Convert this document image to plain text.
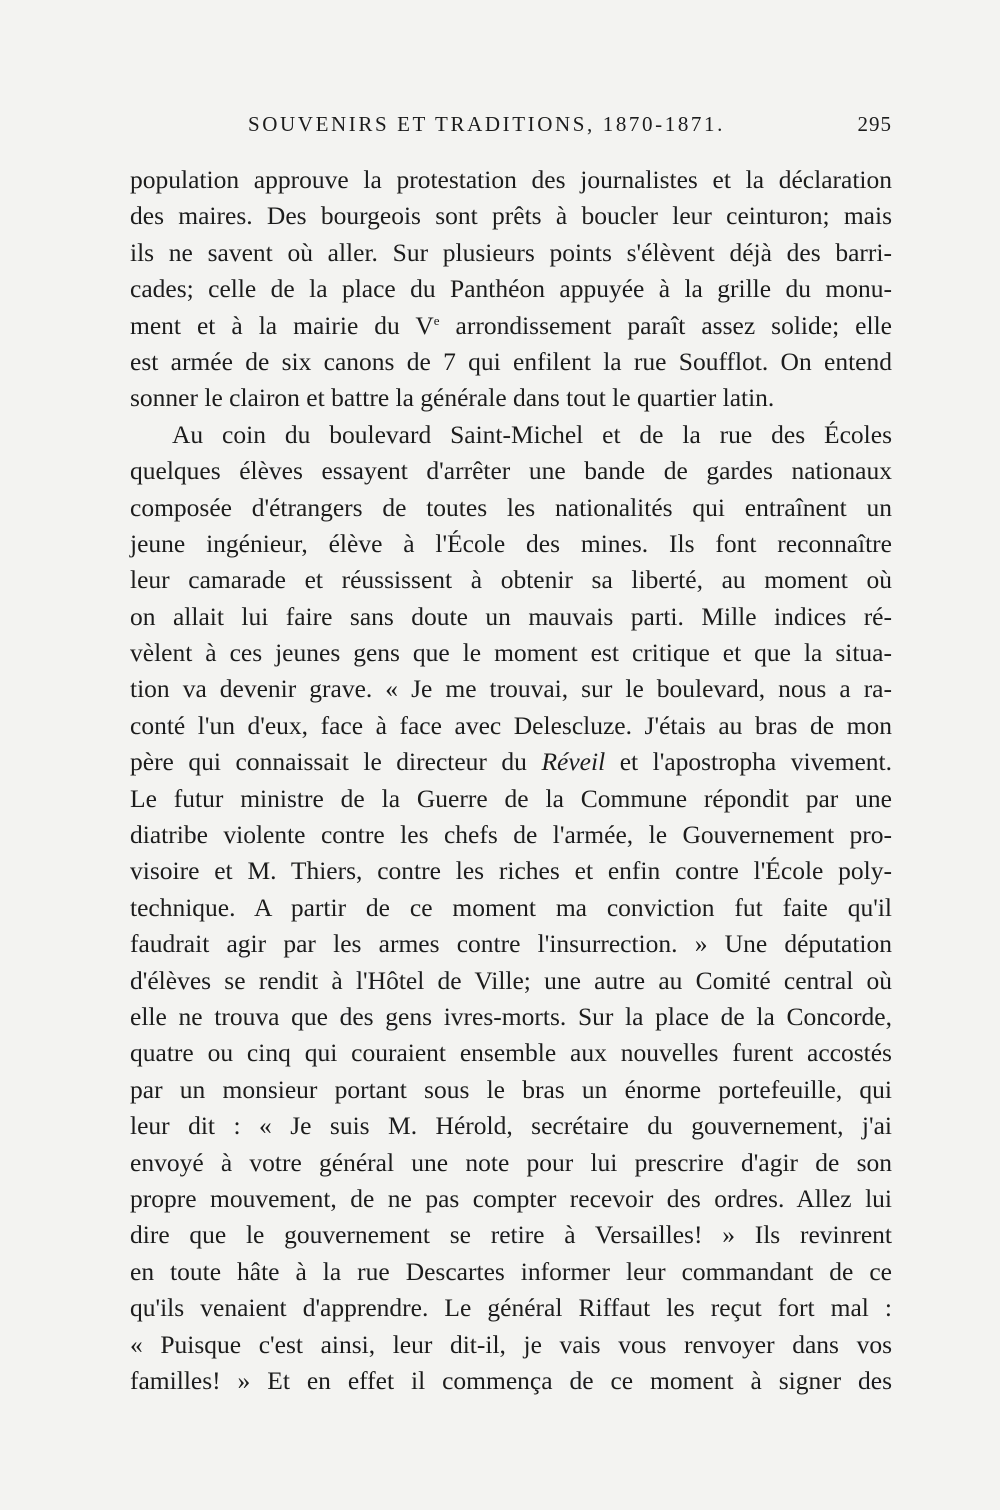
SOUVENIRS ET TRADITIONS, 1870-1871.	295
population approuve la protestation des journalistes et la déclaration
des maires. Des bourgeois sont prêts à boucler leur ceinturon; mais
ils ne savent où aller. Sur plusieurs points s'élèvent déjà des barri-
cades; celle de la place du Panthéon appuyée à la grille du monu-
ment et à la mairie du Ve arrondissement paraît assez solide; elle
est armée de six canons de 7 qui enfilent la rue Soufflot. On entend
sonner le clairon et battre la générale dans tout le quartier latin.
Au coin du boulevard Saint-Michel et de la rue des Écoles
quelques élèves essayent d'arrêter une bande de gardes nationaux
composée d'étrangers de toutes les nationalités qui entraînent un
jeune ingénieur, élève à l'École des mines. Ils font reconnaître
leur camarade et réussissent à obtenir sa liberté, au moment où
on allait lui faire sans doute un mauvais parti. Mille indices ré-
vèlent à ces jeunes gens que le moment est critique et que la situa-
tion va devenir grave. « Je me trouvai, sur le boulevard, nous a ra-
conté l'un d'eux, face à face avec Delescluze. J'étais au bras de mon
père qui connaissait le directeur du Réveil et l'apostropha vivement.
Le futur ministre de la Guerre de la Commune répondit par une
diatribe violente contre les chefs de l'armée, le Gouvernement pro-
visoire et M. Thiers, contre les riches et enfin contre l'École poly-
technique. A partir de ce moment ma conviction fut faite qu'il
faudrait agir par les armes contre l'insurrection. » Une députation
d'élèves se rendit à l'Hôtel de Ville; une autre au Comité central où
elle ne trouva que des gens ivres-morts. Sur la place de la Concorde,
quatre ou cinq qui couraient ensemble aux nouvelles furent accostés
par un monsieur portant sous le bras un énorme portefeuille, qui
leur dit : « Je suis M. Hérold, secrétaire du gouvernement, j'ai
envoyé à votre général une note pour lui prescrire d'agir de son
propre mouvement, de ne pas compter recevoir des ordres. Allez lui
dire que le gouvernement se retire à Versailles! » Ils revinrent
en toute hâte à la rue Descartes informer leur commandant de ce
qu'ils venaient d'apprendre. Le général Riffaut les reçut fort mal :
« Puisque c'est ainsi, leur dit-il, je vais vous renvoyer dans vos
familles! » Et en effet il commença de ce moment à signer des
